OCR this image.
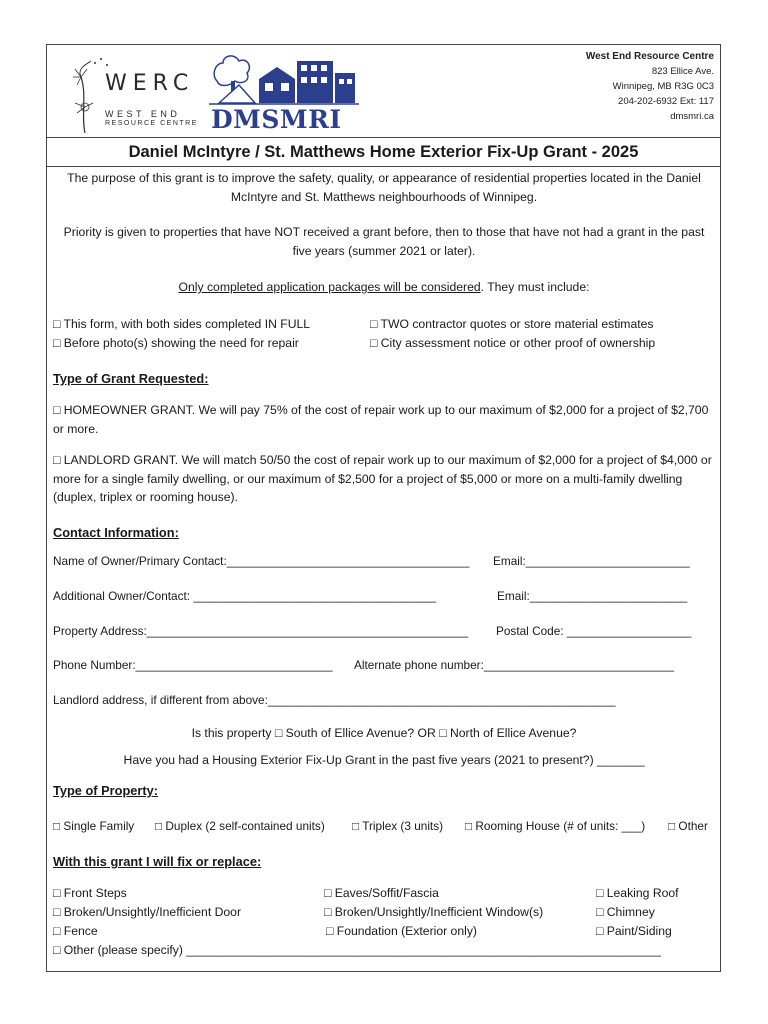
WERC
WEST END
RESOURCE CENTRE DMSMRI
West End Resource Centre
823 Ellice Ave.
Winnipeg, MB R3G 0C3
204-202-6932 Ext: 117
dmsmri.ca
Daniel McIntyre / St. Matthews Home Exterior Fix-Up Grant - 2025
The purpose of this grant is to improve the safety, quality, or appearance of residential properties located in the Daniel McIntyre and St. Matthews neighbourhoods of Winnipeg.
Priority is given to properties that have NOT received a grant before, then to those that have not had a grant in the past five years (summer 2021 or later).
Only completed application packages will be considered. They must include:
□ This form, with both sides completed IN FULL	□ TWO contractor quotes or store material estimates
□ Before photo(s) showing the need for repair	□ City assessment notice or other proof of ownership
Type of Grant Requested:
□ HOMEOWNER GRANT. We will pay 75% of the cost of repair work up to our maximum of $2,000 for a project of $2,700 or more.
□ LANDLORD GRANT. We will match 50/50 the cost of repair work up to our maximum of $2,000 for a project of $4,000 or more for a single family dwelling, or our maximum of $2,500 for a project of $5,000 or more on a multi-family dwelling (duplex, triplex or rooming house).
Contact Information:
Name of Owner/Primary Contact:_____________________________________ Email:_________________________
Additional Owner/Contact: _____________________________________	Email:________________________
Property Address:_________________________________________________ Postal Code: ___________________
Phone Number:______________________________ Alternate phone number:_____________________________
Landlord address, if different from above:_____________________________________________________
Is this property □ South of Ellice Avenue? OR □ North of Ellice Avenue?
Have you had a Housing Exterior Fix-Up Grant in the past five years (2021 to present?) _______
Type of Property:
□ Single Family □ Duplex (2 self-contained units) □ Triplex (3 units) □ Rooming House (# of units: ___) □ Other
With this grant I will fix or replace:
□ Front Steps	□ Eaves/Soffit/Fascia	□ Leaking Roof
□ Broken/Unsightly/Inefficient Door	□ Broken/Unsightly/Inefficient Window(s)	□ Chimney
□ Fence	□ Foundation (Exterior only)	□ Paint/Siding
□ Other (please specify) ______________________________________________________________________
